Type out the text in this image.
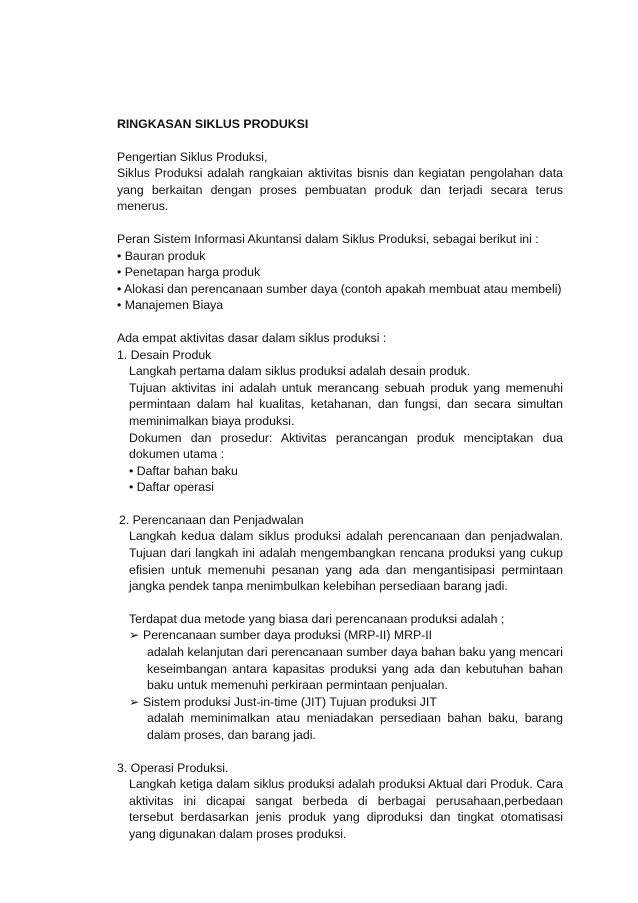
RINGKASAN SIKLUS PRODUKSI

Pengertian Siklus Produksi,

Siklus Produksi adalah rangkaian aktivitas bisnis dan kegiatan pengolahan data yang berkaitan dengan proses pembuatan produk dan terjadi secara terus menerus.

Peran Sistem Informasi Akuntansi dalam Siklus Produksi, sebagai berikut ini :

• Bauran produk

• Penetapan harga produk

• Alokasi dan perencanaan sumber daya (contoh apakah membuat atau membeli)

• Manajemen Biaya

Ada empat aktivitas dasar dalam siklus produksi :

1. Desain Produk

Langkah pertama dalam siklus produksi adalah desain produk.

Tujuan aktivitas ini adalah untuk merancang sebuah produk yang memenuhi permintaan dalam hal kualitas, ketahanan, dan fungsi, dan secara simultan meminimalkan biaya produksi.

Dokumen dan prosedur: Aktivitas perancangan produk menciptakan dua dokumen utama :

• Daftar bahan baku

• Daftar operasi

2. Perencanaan dan Penjadwalan

Langkah kedua dalam siklus produksi adalah perencanaan dan penjadwalan. Tujuan dari langkah ini adalah mengembangkan rencana produksi yang cukup efisien untuk memenuhi pesanan yang ada dan mengantisipasi permintaan jangka pendek tanpa menimbulkan kelebihan persediaan barang jadi.

Terdapat dua metode yang biasa dari perencanaan produksi adalah ;

➢ Perencanaan sumber daya produksi (MRP-II) MRP-II

adalah kelanjutan dari perencanaan sumber daya bahan baku yang mencari keseimbangan antara kapasitas produksi yang ada dan kebutuhan bahan baku untuk memenuhi perkiraan permintaan penjualan.

➢ Sistem produksi Just-in-time (JIT) Tujuan produksi JIT

adalah meminimalkan atau meniadakan persediaan bahan baku, barang dalam proses, dan barang jadi.

3. Operasi Produksi.

Langkah ketiga dalam siklus produksi adalah produksi Aktual dari Produk. Cara aktivitas ini dicapai sangat berbeda di berbagai perusahaan,perbedaan tersebut berdasarkan jenis produk yang diproduksi dan tingkat otomatisasi yang digunakan dalam proses produksi.
